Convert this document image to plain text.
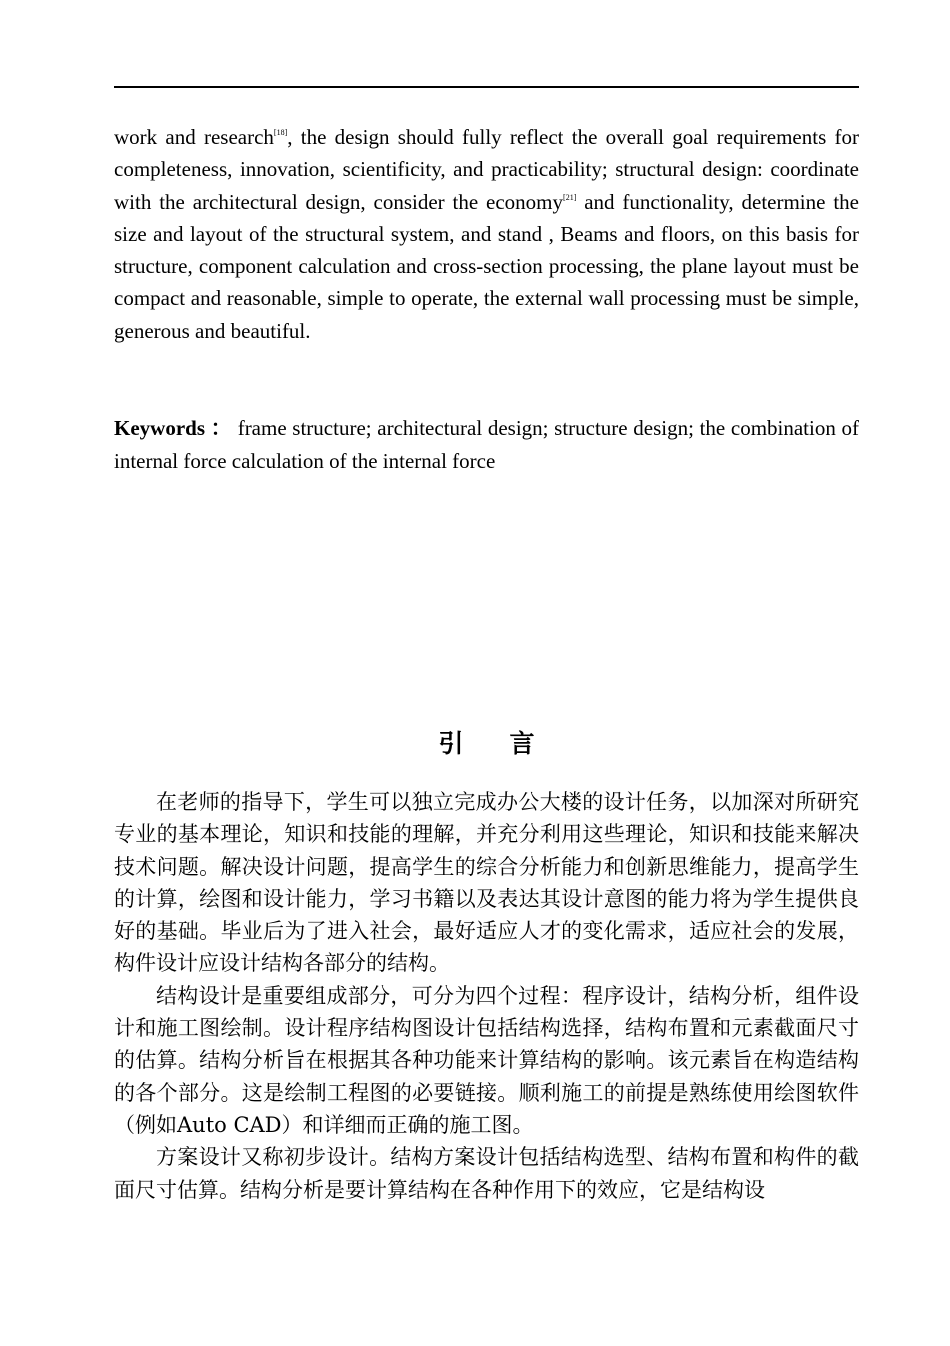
work and research[18], the design should fully reflect the overall goal requirements for completeness, innovation, scientificity, and practicability; structural design: coordinate with the architectural design, consider the economy[21] and functionality, determine the size and layout of the structural system, and stand , Beams and floors, on this basis for structure, component calculation and cross-section processing, the plane layout must be compact and reasonable, simple to operate, the external wall processing must be simple, generous and beautiful.

Keywords ： frame structure; architectural design; structure design; the combination of internal force calculation of the internal force

引言

在老师的指导下，学生可以独立完成办公大楼的设计任务，以加深对所研究专业的基本理论，知识和技能的理解，并充分利用这些理论，知识和技能来解决技术问题。解决设计问题，提高学生的综合分析能力和创新思维能力，提高学生的计算，绘图和设计能力，学习书籍以及表达其设计意图的能力将为学生提供良好的基础。毕业后为了进入社会，最好适应人才的变化需求，适应社会的发展，构件设计应设计结构各部分的结构。

结构设计是重要组成部分，可分为四个过程：程序设计，结构分析，组件设计和施工图绘制。设计程序结构图设计包括结构选择，结构布置和元素截面尺寸的估算。结构分析旨在根据其各种功能来计算结构的影响。该元素旨在构造结构的各个部分。这是绘制工程图的必要链接。顺利施工的前提是熟练使用绘图软件（例如Auto CAD）和详细而正确的施工图。

方案设计又称初步设计。结构方案设计包括结构选型、结构布置和构件的截面尺寸估算。结构分析是要计算结构在各种作用下的效应，它是结构设
